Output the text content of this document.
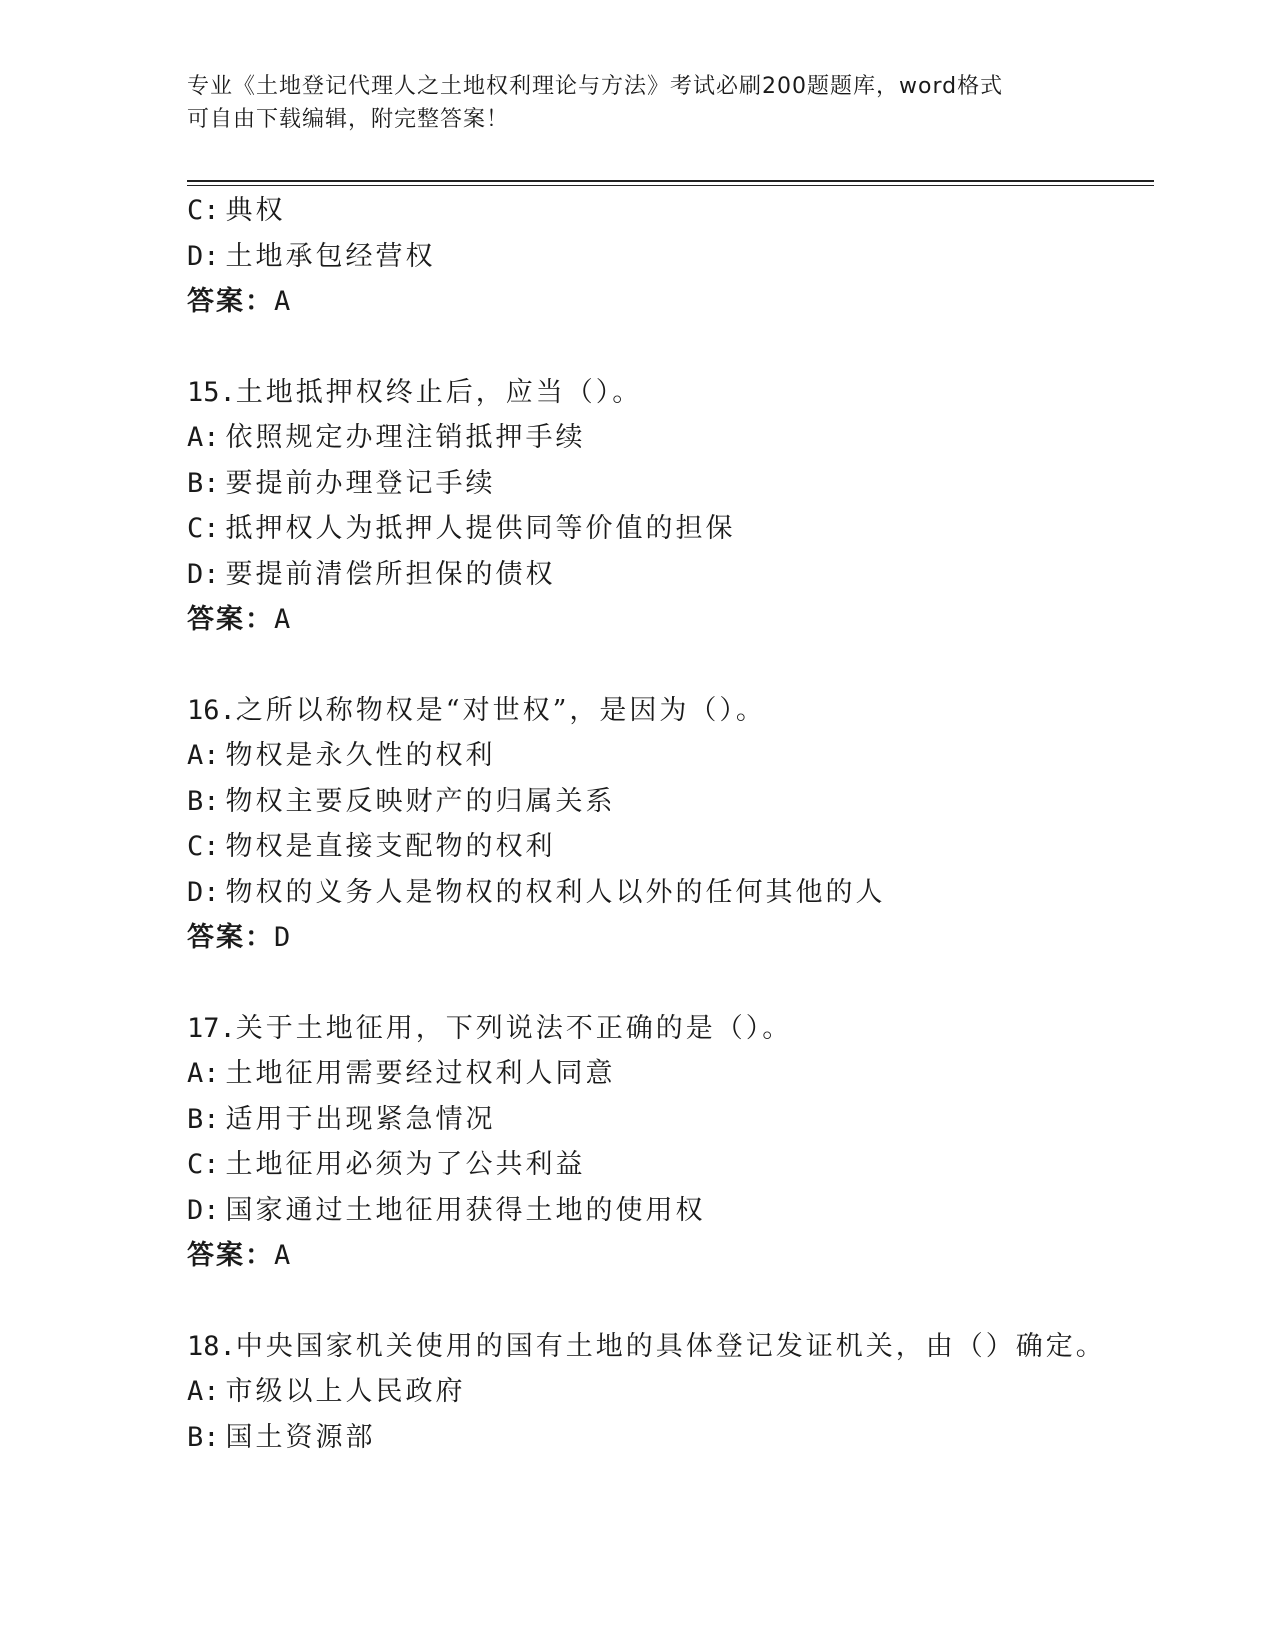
专业《土地登记代理人之土地权利理论与方法》考试必刷200题题库，word格式
可自由下载编辑，附完整答案！
C: 典权
D: 土地承包经营权
答案：A
15.土地抵押权终止后，应当（）。
A: 依照规定办理注销抵押手续
B: 要提前办理登记手续
C: 抵押权人为抵押人提供同等价值的担保
D: 要提前清偿所担保的债权
答案：A
16.之所以称物权是“对世权”，是因为（）。
A: 物权是永久性的权利
B: 物权主要反映财产的归属关系
C: 物权是直接支配物的权利
D: 物权的义务人是物权的权利人以外的任何其他的人
答案：D
17.关于土地征用，下列说法不正确的是（）。
A: 土地征用需要经过权利人同意
B: 适用于出现紧急情况
C: 土地征用必须为了公共利益
D: 国家通过土地征用获得土地的使用权
答案：A
18.中央国家机关使用的国有土地的具体登记发证机关，由（）确定。
A: 市级以上人民政府
B: 国土资源部
